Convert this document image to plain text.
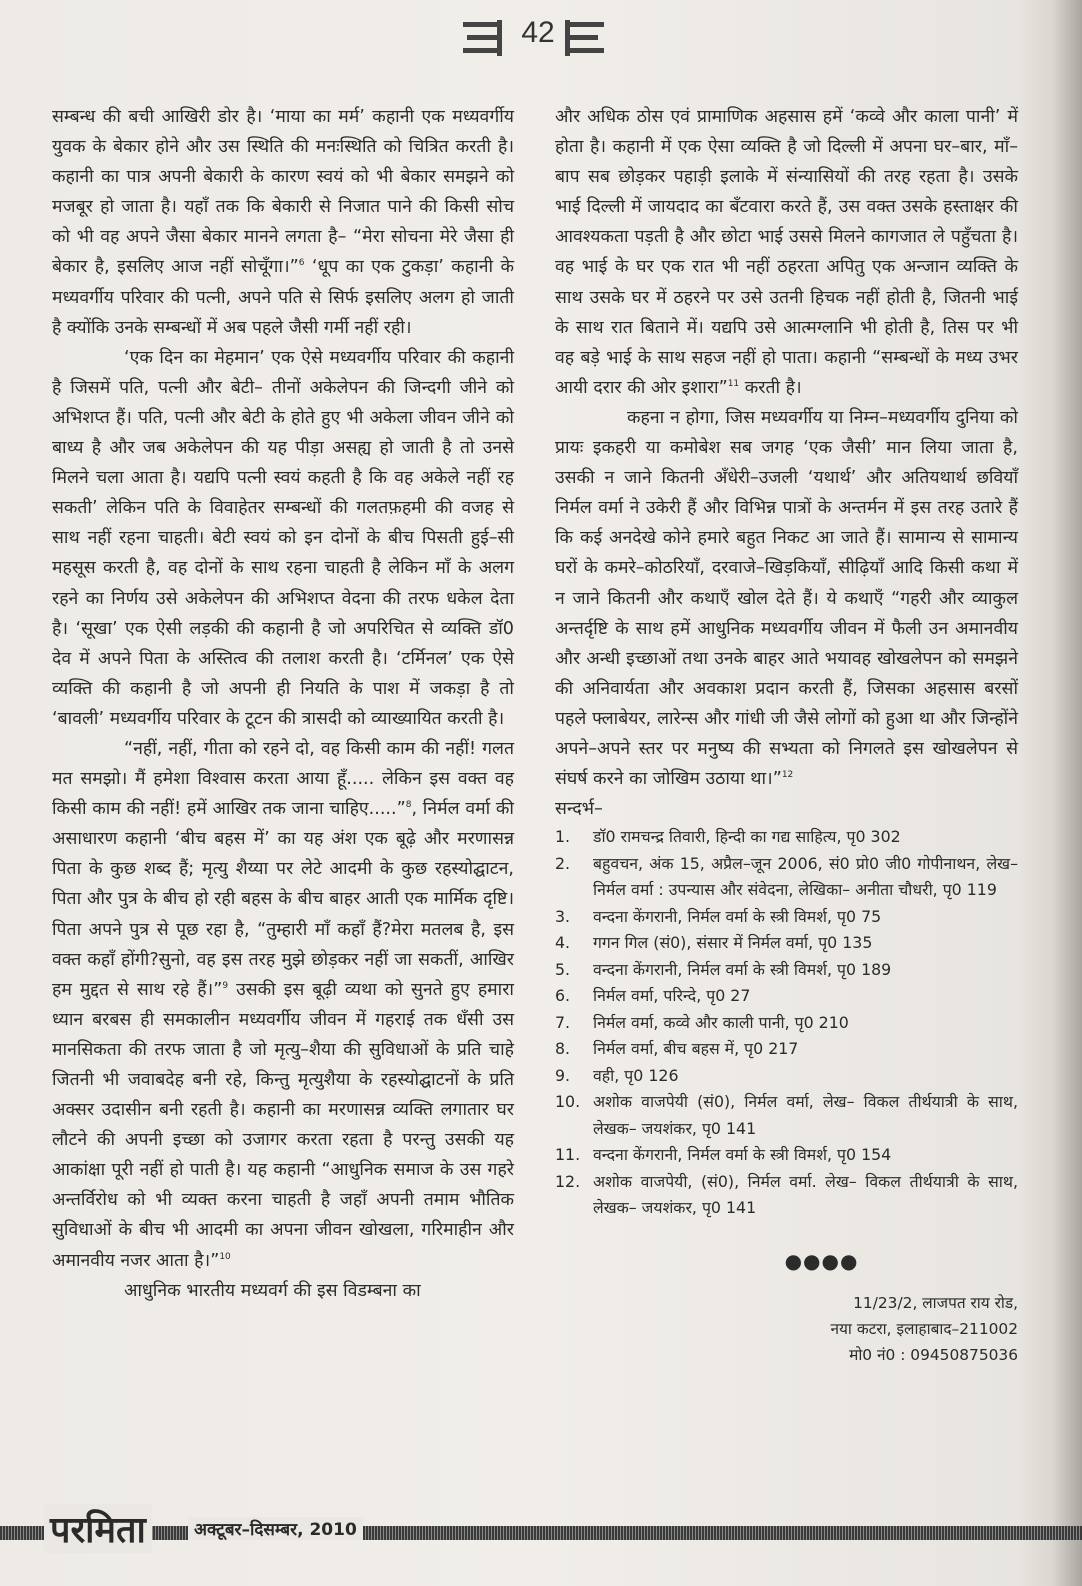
42

सम्बन्ध की बची आखिरी डोर है। ‘माया का मर्म’ कहानी एक मध्यवर्गीय युवक के बेकार होने और उस स्थिति की मनःस्थिति को चित्रित करती है। कहानी का पात्र अपनी बेकारी के कारण स्वयं को भी बेकार समझने को मजबूर हो जाता है। यहाँ तक कि बेकारी से निजात पाने की किसी सोच को भी वह अपने जैसा बेकार मानने लगता है– “मेरा सोचना मेरे जैसा ही बेकार है, इसलिए आज नहीं सोचूँगा।”$^6$ ‘धूप का एक टुकड़ा’ कहानी के मध्यवर्गीय परिवार की पत्नी, अपने पति से सिर्फ इसलिए अलग हो जाती है क्योंकि उनके सम्बन्धों में अब पहले जैसी गर्मी नहीं रही।

‘एक दिन का मेहमान’ एक ऐसे मध्यवर्गीय परिवार की कहानी है जिसमें पति, पत्नी और बेटी– तीनों अकेलेपन की जिन्दगी जीने को अभिशप्त हैं। पति, पत्नी और बेटी के होते हुए भी अकेला जीवन जीने को बाध्य है और जब अकेलेपन की यह पीड़ा असह्य हो जाती है तो उनसे मिलने चला आता है। यद्यपि पत्नी स्वयं कहती है कि वह अकेले नहीं रह सकती’ लेकिन पति के विवाहेतर सम्बन्धों की गलतफ़हमी की वजह से साथ नहीं रहना चाहती। बेटी स्वयं को इन दोनों के बीच पिसती हुई–सी महसूस करती है, वह दोनों के साथ रहना चाहती है लेकिन माँ के अलग रहने का निर्णय उसे अकेलेपन की अभिशप्त वेदना की तरफ धकेल देता है। ‘सूखा’ एक ऐसी लड़की की कहानी है जो अपरिचित से व्यक्ति डॉ0 देव में अपने पिता के अस्तित्व की तलाश करती है। ‘टर्मिनल’ एक ऐसे व्यक्ति की कहानी है जो अपनी ही नियति के पाश में जकड़ा है तो ‘बावली’ मध्यवर्गीय परिवार के टूटन की त्रासदी को व्याख्यायित करती है।

“नहीं, नहीं, गीता को रहने दो, वह किसी काम की नहीं! गलत मत समझो। मैं हमेशा विश्वास करता आया हूँ..... लेकिन इस वक्त वह किसी काम की नहीं! हमें आखिर तक जाना चाहिए.....”$^8$, निर्मल वर्मा की असाधारण कहानी ‘बीच बहस में’ का यह अंश एक बूढ़े और मरणासन्न पिता के कुछ शब्द हैं; मृत्यु शैय्या पर लेटे आदमी के कुछ रहस्योद्घाटन, पिता और पुत्र के बीच हो रही बहस के बीच बाहर आती एक मार्मिक दृष्टि। पिता अपने पुत्र से पूछ रहा है, “तुम्हारी माँ कहाँ हैं?मेरा मतलब है, इस वक्त कहाँ होंगी?सुनो, वह इस तरह मुझे छोड़कर नहीं जा सकतीं, आखिर हम मुद्दत से साथ रहे हैं।”$^9$ उसकी इस बूढ़ी व्यथा को सुनते हुए हमारा ध्यान बरबस ही समकालीन मध्यवर्गीय जीवन में गहराई तक धँसी उस मानसिकता की तरफ जाता है जो मृत्यु–शैया की सुविधाओं के प्रति चाहे जितनी भी जवाबदेह बनी रहे, किन्तु मृत्युशैया के रहस्योद्घाटनों के प्रति अक्सर उदासीन बनी रहती है। कहानी का मरणासन्न व्यक्ति लगातार घर लौटने की अपनी इच्छा को उजागर करता रहता है परन्तु उसकी यह आकांक्षा पूरी नहीं हो पाती है। यह कहानी “आधुनिक समाज के उस गहरे अन्तर्विरोध को भी व्यक्त करना चाहती है जहाँ अपनी तमाम भौतिक सुविधाओं के बीच भी आदमी का अपना जीवन खोखला, गरिमाहीन और अमानवीय नजर आता है।”$^{10}$

आधुनिक भारतीय मध्यवर्ग की इस विडम्बना का

और अधिक ठोस एवं प्रामाणिक अहसास हमें ‘कव्वे और काला पानी’ में होता है। कहानी में एक ऐसा व्यक्ति है जो दिल्ली में अपना घर–बार, माँ–बाप सब छोड़कर पहाड़ी इलाके में संन्यासियों की तरह रहता है। उसके भाई दिल्ली में जायदाद का बँटवारा करते हैं, उस वक्त उसके हस्ताक्षर की आवश्यकता पड़ती है और छोटा भाई उससे मिलने कागजात ले पहुँचता है। वह भाई के घर एक रात भी नहीं ठहरता अपितु एक अन्जान व्यक्ति के साथ उसके घर में ठहरने पर उसे उतनी हिचक नहीं होती है, जितनी भाई के साथ रात बिताने में। यद्यपि उसे आत्मग्लानि भी होती है, तिस पर भी वह बड़े भाई के साथ सहज नहीं हो पाता। कहानी “सम्बन्धों के मध्य उभर आयी दरार की ओर इशारा”$^{11}$ करती है।

कहना न होगा, जिस मध्यवर्गीय या निम्न–मध्यवर्गीय दुनिया को प्रायः इकहरी या कमोबेश सब जगह ‘एक जैसी’ मान लिया जाता है, उसकी न जाने कितनी अँधेरी–उजली ‘यथार्थ’ और अतियथार्थ छवियाँ निर्मल वर्मा ने उकेरी हैं और विभिन्न पात्रों के अन्तर्मन में इस तरह उतारे हैं कि कई अनदेखे कोने हमारे बहुत निकट आ जाते हैं। सामान्य से सामान्य घरों के कमरे–कोठरियाँ, दरवाजे–खिड़कियाँ, सीढ़ियाँ आदि किसी कथा में न जाने कितनी और कथाएँ खोल देते हैं। ये कथाएँ “गहरी और व्याकुल अन्तर्दृष्टि के साथ हमें आधुनिक मध्यवर्गीय जीवन में फैली उन अमानवीय और अन्धी इच्छाओं तथा उनके बाहर आते भयावह खोखलेपन को समझने की अनिवार्यता और अवकाश प्रदान करती हैं, जिसका अहसास बरसों पहले फ्लाबेयर, लारेन्स और गांधी जी जैसे लोगों को हुआ था और जिन्होंने अपने–अपने स्तर पर मनुष्य की सभ्यता को निगलते इस खोखलेपन से संघर्ष करने का जोखिम उठाया था।”$^{12}$

सन्दर्भ–

1. डॉ0 रामचन्द्र तिवारी, हिन्दी का गद्य साहित्य, पृ0 302
2. बहुवचन, अंक 15, अप्रैल–जून 2006, सं0 प्रो0 जी0 गोपीनाथन, लेख– निर्मल वर्मा : उपन्यास और संवेदना, लेखिका– अनीता चौधरी, पृ0 119
3. वन्दना केंगरानी, निर्मल वर्मा के स्त्री विमर्श, पृ0 75
4. गगन गिल (सं0), संसार में निर्मल वर्मा, पृ0 135
5. वन्दना केंगरानी, निर्मल वर्मा के स्त्री विमर्श, पृ0 189
6. निर्मल वर्मा, परिन्दे, पृ0 27
7. निर्मल वर्मा, कव्वे और काली पानी, पृ0 210
8. निर्मल वर्मा, बीच बहस में, पृ0 217
9. वही, पृ0 126
10. अशोक वाजपेयी (सं0), निर्मल वर्मा, लेख– विकल तीर्थयात्री के साथ, लेखक– जयशंकर, पृ0 141
11. वन्दना केंगरानी, निर्मल वर्मा के स्त्री विमर्श, पृ0 154
12. अशोक वाजपेयी, (सं0), निर्मल वर्मा. लेख– विकल तीर्थयात्री के साथ, लेखक– जयशंकर, पृ0 141
●●●●
11/23/2, लाजपत राय रोड,
नया कटरा, इलाहाबाद–211002
मो0 नं0 : 09450875036
परमिता	अक्टूबर–दिसम्बर, 2010
